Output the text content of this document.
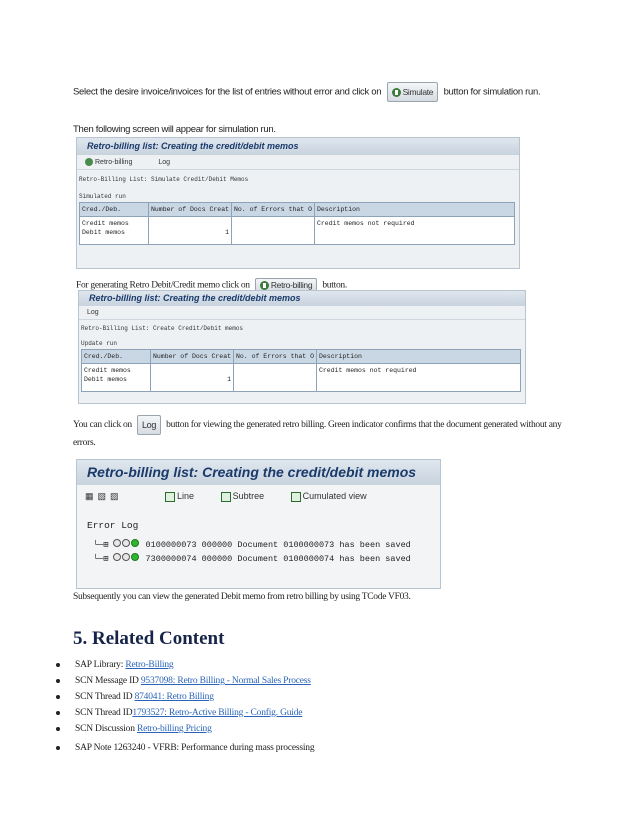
Select the desire invoice/invoices for the list of entries without error and click on	Simulate button for simulation run.
Then following screen will appear for simulation run.
Retro-billing list: Creating the credit/debit memos
Retro-billing	Log
Retro-Billing List: Simulate Credit/Debit Memos
Simulated run
Cred./Deb.	Number of Docs Creat	No. of Errors that O	Description
Credit memos			Credit memos not required
Debit memos	1		
For generating Retro Debit/Credit memo click on Retro-billing button.
Retro-billing list: Creating the credit/debit memos
Log
Retro-Billing List: Create Credit/Debit memos
Update run
Cred./Deb.	Number of Docs Creat	No. of Errors that O	Description
Credit memos			Credit memos not required
Debit memos	1		
You can click on Log button for viewing the generated retro billing. Green indicator confirms that the document generated without any errors.
Retro-billing list: Creating the credit/debit memos
▦▧▨	Line	Subtree	Cumulated view
Error Log
└─⊞	0100000073 000000 Document 0100000073 has been saved
└─⊞	7300000074 000000 Document 0100000074 has been saved
Subsequently you can view the generated Debit memo from retro billing by using TCode VF03.
5. Related Content
SAP Library: Retro-Billing
SCN Message ID 9537098: Retro Billing - Normal Sales Process
SCN Thread ID 874041: Retro Billing
SCN Thread ID1793527: Retro-Active Billing - Config. Guide
SCN Discussion Retro-billing Pricing
SAP Note 1263240 - VFRB: Performance during mass processing
